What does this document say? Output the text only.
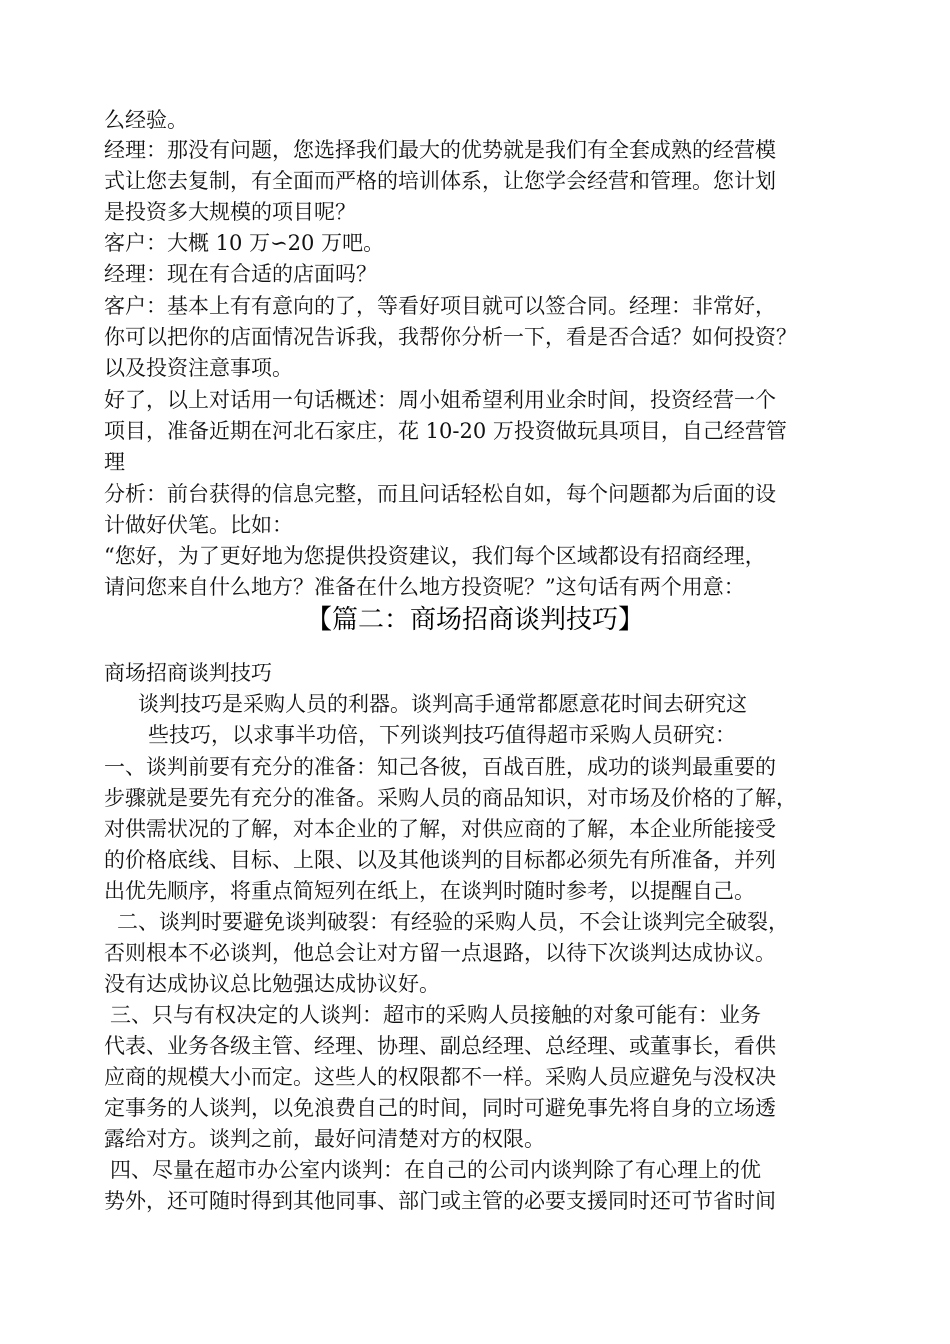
么经验。
经理：那没有问题，您选择我们最大的优势就是我们有全套成熟的经营模
式让您去复制，有全面而严格的培训体系，让您学会经营和管理。您计划
是投资多大规模的项目呢？
客户：大概 10 万∽20 万吧。
经理：现在有合适的店面吗？
客户：基本上有有意向的了，等看好项目就可以签合同。经理：非常好，
你可以把你的店面情况告诉我，我帮你分析一下，看是否合适？如何投资？
以及投资注意事项。
好了，以上对话用一句话概述：周小姐希望利用业余时间，投资经营一个
项目，准备近期在河北石家庄，花 10-20 万投资做玩具项目，自己经营管
理
分析：前台获得的信息完整，而且问话轻松自如，每个问题都为后面的设
计做好伏笔。比如：
“您好，为了更好地为您提供投资建议，我们每个区域都设有招商经理，
请问您来自什么地方？准备在什么地方投资呢？”这句话有两个用意：
【篇二：商场招商谈判技巧】
商场招商谈判技巧
谈判技巧是采购人员的利器。谈判高手通常都愿意花时间去研究这
些技巧，以求事半功倍，下列谈判技巧值得超市采购人员研究：
一、谈判前要有充分的准备：知己各彼，百战百胜，成功的谈判最重要的
步骤就是要先有充分的准备。采购人员的商品知识，对市场及价格的了解，
对供需状况的了解，对本企业的了解，对供应商的了解，本企业所能接受
的价格底线、目标、上限、以及其他谈判的目标都必须先有所准备，并列
出优先顺序，将重点简短列在纸上，在谈判时随时参考，以提醒自己。
二、谈判时要避免谈判破裂：有经验的采购人员，不会让谈判完全破裂，
否则根本不必谈判，他总会让对方留一点退路，以待下次谈判达成协议。
没有达成协议总比勉强达成协议好。
三、只与有权决定的人谈判：超市的采购人员接触的对象可能有：业务
代表、业务各级主管、经理、协理、副总经理、总经理、或董事长，看供
应商的规模大小而定。这些人的权限都不一样。采购人员应避免与没权决
定事务的人谈判，以免浪费自己的时间，同时可避免事先将自身的立场透
露给对方。谈判之前，最好问清楚对方的权限。
四、尽量在超市办公室内谈判：在自己的公司内谈判除了有心理上的优
势外，还可随时得到其他同事、部门或主管的必要支援同时还可节省时间
